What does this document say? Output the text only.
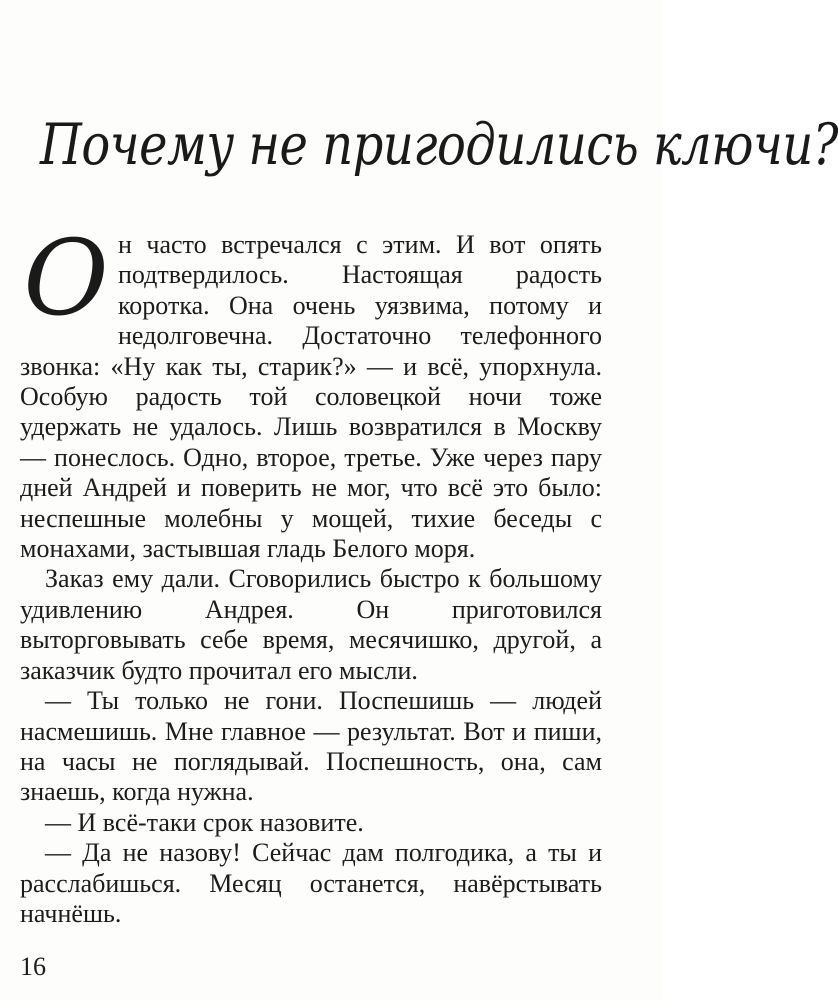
Почему не пригодились ключи?
О н часто встречался с этим. И вот опять подтвердилось. Настоящая радость коротка. Она очень уязвима, потому и недолговечна. Достаточно телефонного звонка: «Ну как ты, старик?» — и всё, упорхнула. Особую радость той соловецкой ночи тоже удержать не удалось. Лишь возвратился в Москву — понеслось. Одно, второе, третье. Уже через пару дней Андрей и поверить не мог, что всё это было: неспешные молебны у мощей, тихие беседы с монахами, застывшая гладь Белого моря.

Заказ ему дали. Сговорились быстро к большому удивлению Андрея. Он приготовился выторговывать себе время, месячишко, другой, а заказчик будто прочитал его мысли.

— Ты только не гони. Поспешишь — людей насмешишь. Мне главное — результат. Вот и пиши, на часы не поглядывай. Поспешность, она, сам знаешь, когда нужна.

— И всё-таки срок назовите.

— Да не назову! Сейчас дам полгодика, а ты и расслабишься. Месяц останется, навёрстывать начнёшь.

16
